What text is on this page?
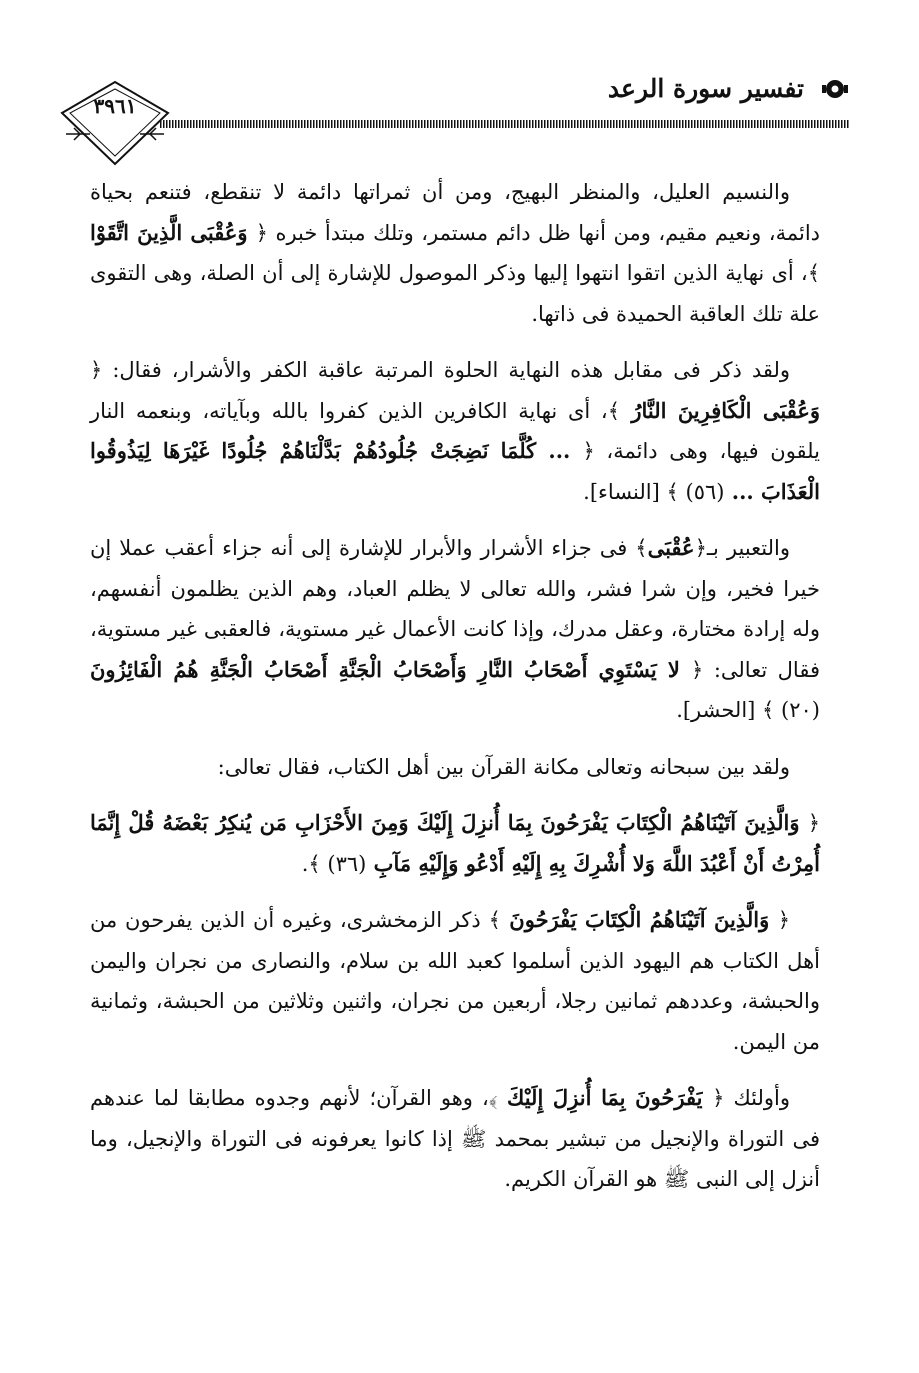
تفسير سورة الرعد
٣٩٦١

والنسيم العليل، والمنظر البهيج، ومن أن ثمراتها دائمة لا تنقطع، فتنعم بحياة دائمة، ونعيم مقيم، ومن أنها ظل دائم مستمر، وتلك مبتدأ خبره ﴿ وَعُقْبَى الَّذِينَ اتَّقَوْا ﴾، أى نهاية الذين اتقوا انتهوا إليها وذكر الموصول للإشارة إلى أن الصلة، وهى التقوى علة تلك العاقبة الحميدة فى ذاتها.

ولقد ذكر فى مقابل هذه النهاية الحلوة المرتبة عاقبة الكفر والأشرار، فقال: ﴿ وَعُقْبَى الْكَافِرِينَ النَّارُ ﴾، أى نهاية الكافرين الذين كفروا بالله وبآياته، وبنعمه النار يلقون فيها، وهى دائمة، ﴿ ... كُلَّمَا نَضِجَتْ جُلُودُهُمْ بَدَّلْنَاهُمْ جُلُودًا غَيْرَهَا لِيَذُوقُوا الْعَذَابَ ... (٥٦) ﴾ [النساء].

والتعبير بـ﴿عُقْبَى﴾ فى جزاء الأشرار والأبرار للإشارة إلى أنه جزاء أعقب عملا إن خيرا فخير، وإن شرا فشر، والله تعالى لا يظلم العباد، وهم الذين يظلمون أنفسهم، وله إرادة مختارة، وعقل مدرك، وإذا كانت الأعمال غير مستوية، فالعقبى غير مستوية، فقال تعالى: ﴿ لا يَسْتَوِي أَصْحَابُ النَّارِ وَأَصْحَابُ الْجَنَّةِ أَصْحَابُ الْجَنَّةِ هُمُ الْفَائِزُونَ (٢٠) ﴾ [الحشر].

ولقد بين سبحانه وتعالى مكانة القرآن بين أهل الكتاب، فقال تعالى:

﴿ وَالَّذِينَ آتَيْنَاهُمُ الْكِتَابَ يَفْرَحُونَ بِمَا أُنزِلَ إِلَيْكَ وَمِنَ الأَحْزَابِ مَن يُنكِرُ بَعْضَهُ قُلْ إِنَّمَا أُمِرْتُ أَنْ أَعْبُدَ اللَّهَ وَلا أُشْرِكَ بِهِ إِلَيْهِ أَدْعُو وَإِلَيْهِ مَآبِ (٣٦) ﴾.

﴿ وَالَّذِينَ آتَيْنَاهُمُ الْكِتَابَ يَفْرَحُونَ ﴾ ذكر الزمخشرى، وغيره أن الذين يفرحون من أهل الكتاب هم اليهود الذين أسلموا كعبد الله بن سلام، والنصارى من نجران واليمن والحبشة، وعددهم ثمانين رجلا، أربعين من نجران، واثنين وثلاثين من الحبشة، وثمانية من اليمن.

وأولئك ﴿ يَفْرَحُونَ بِمَا أُنزِلَ إِلَيْكَ ﴾، وهو القرآن؛ لأنهم وجدوه مطابقا لما عندهم فى التوراة والإنجيل من تبشير بمحمد ﷺ إذا كانوا يعرفونه فى التوراة والإنجيل، وما أنزل إلى النبى ﷺ هو القرآن الكريم.
